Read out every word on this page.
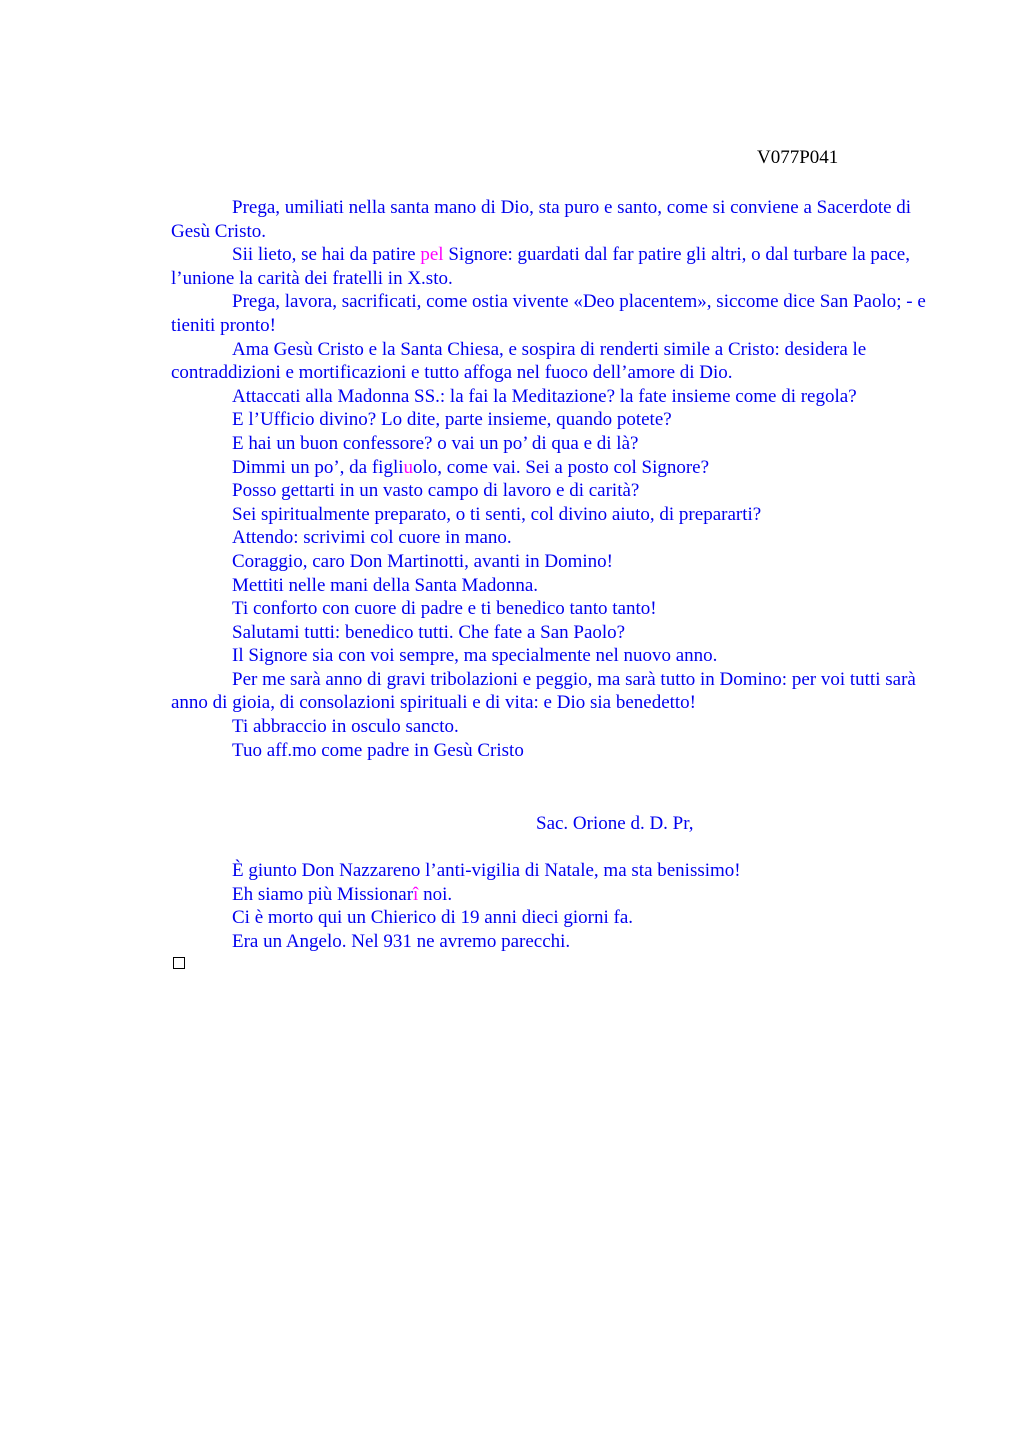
V077P041

Prega, umiliati nella santa mano di Dio, sta puro e santo, come si conviene a Sacerdote di Gesù Cristo.

Sii lieto, se hai da patire pel Signore: guardati dal far patire gli altri, o dal turbare la pace, l’unione la carità dei fratelli in X.sto.

Prega, lavora, sacrificati, come ostia vivente «Deo placentem», siccome dice San Paolo; - e tieniti pronto!

Ama Gesù Cristo e la Santa Chiesa, e sospira di renderti simile a Cristo: desidera le contraddizioni e mortificazioni e tutto affoga nel fuoco dell’amore di Dio.

Attaccati alla Madonna SS.: la fai la Meditazione? la fate insieme come di regola?

E l’Ufficio divino? Lo dite, parte insieme, quando potete?

E hai un buon confessore? o vai un po’ di qua e di là?

Dimmi un po’, da figliuolo, come vai. Sei a posto col Signore?

Posso gettarti in un vasto campo di lavoro e di carità?

Sei spiritualmente preparato, o ti senti, col divino aiuto, di prepararti?

Attendo: scrivimi col cuore in mano.

Coraggio, caro Don Martinotti, avanti in Domino!

Mettiti nelle mani della Santa Madonna.

Ti conforto con cuore di padre e ti benedico tanto tanto!

Salutami tutti: benedico tutti. Che fate a San Paolo?

Il Signore sia con voi sempre, ma specialmente nel nuovo anno.

Per me sarà anno di gravi tribolazioni e peggio, ma sarà tutto in Domino: per voi tutti sarà anno di gioia, di consolazioni spirituali e di vita: e Dio sia benedetto!

Ti abbraccio in osculo sancto.

Tuo aff.mo come padre in Gesù Cristo

Sac. Orione d. D. Pr,

È giunto Don Nazzareno l’anti-vigilia di Natale, ma sta benissimo!

Eh siamo più Missionarî noi.

Ci è morto qui un Chierico di 19 anni dieci giorni fa.

Era un Angelo. Nel 931 ne avremo parecchi.
